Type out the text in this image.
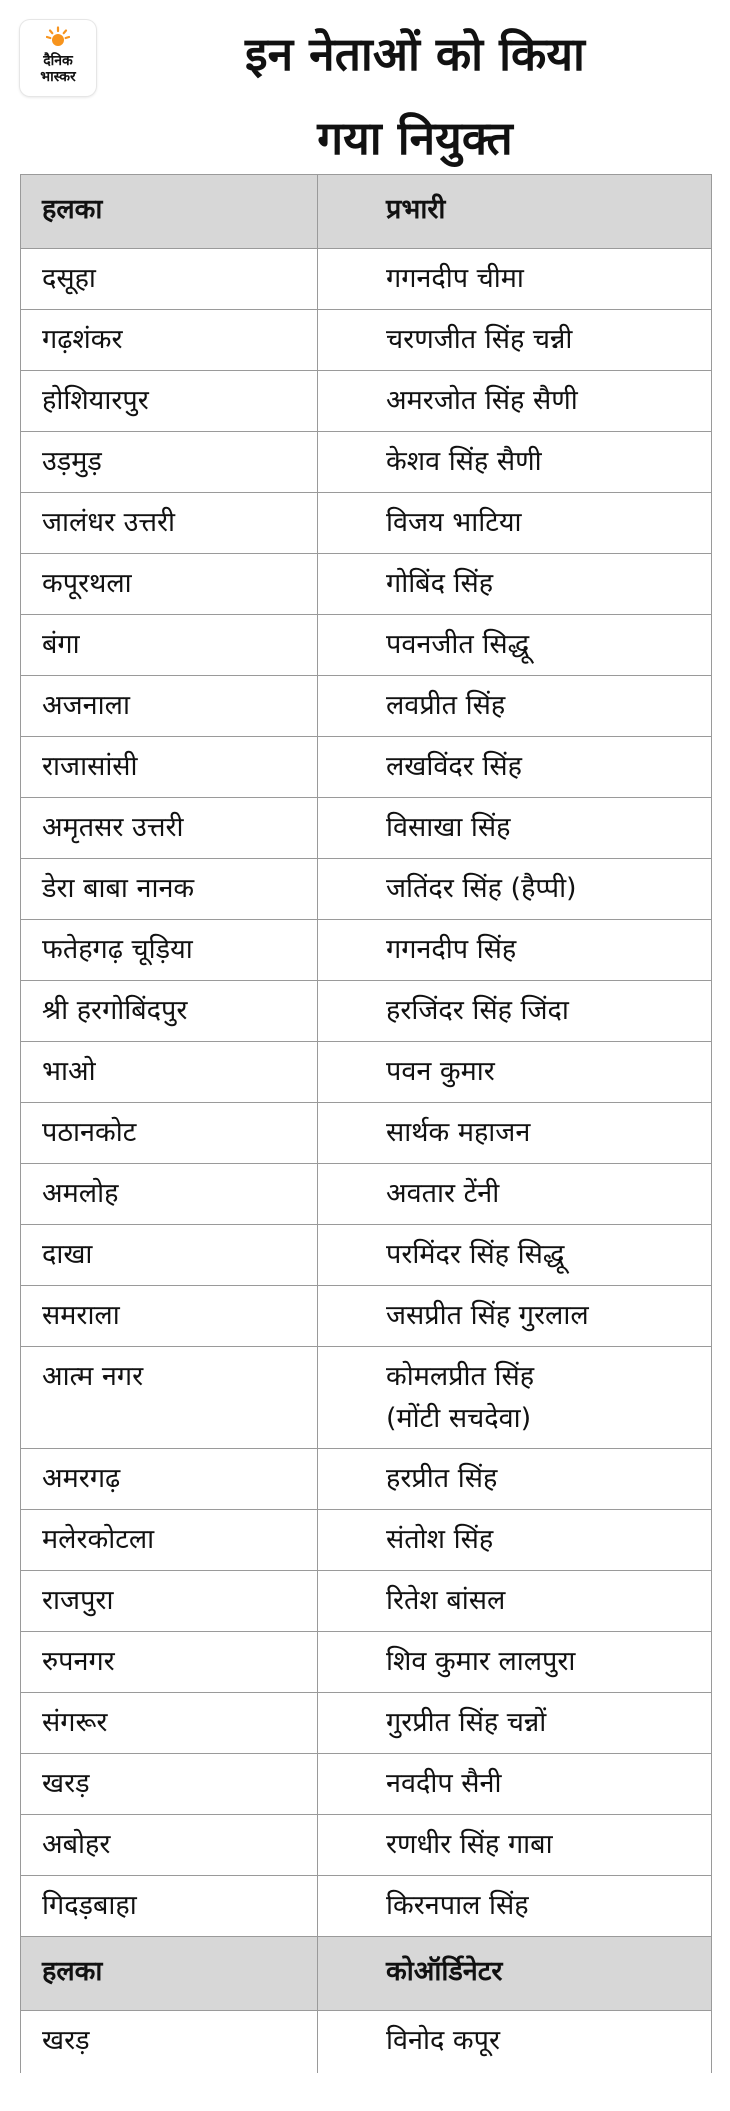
दैनिक
भास्कर	इन नेताओं को किया
गया नियुक्त
हलका	प्रभारी
दसूहा	गगनदीप चीमा
गढ़शंकर	चरणजीत सिंह चन्नी
होशियारपुर	अमरजोत सिंह सैणी
उड़मुड़	केशव सिंह सैणी
जालंधर उत्तरी	विजय भाटिया
कपूरथला	गोबिंद सिंह
बंगा	पवनजीत सिद्धू
अजनाला	लवप्रीत सिंह
राजासांसी	लखविंदर सिंह
अमृतसर उत्तरी	विसाखा सिंह
डेरा बाबा नानक	जतिंदर सिंह (हैप्पी)
फतेहगढ़ चूड़िया	गगनदीप सिंह
श्री हरगोबिंदपुर	हरजिंदर सिंह जिंदा
भाओ	पवन कुमार
पठानकोट	सार्थक महाजन
अमलोह	अवतार टेंनी
दाखा	परमिंदर सिंह सिद्धू
समराला	जसप्रीत सिंह गुरलाल
आत्म नगर	कोमलप्रीत सिंह
(मोंटी सचदेवा)
अमरगढ़	हरप्रीत सिंह
मलेरकोटला	संतोश सिंह
राजपुरा	रितेश बांसल
रुपनगर	शिव कुमार लालपुरा
संगरूर	गुरप्रीत सिंह चन्नों
खरड़	नवदीप सैनी
अबोहर	रणधीर सिंह गाबा
गिदड़बाहा	किरनपाल सिंह
हलका	कोऑर्डिनेटर
खरड़	विनोद कपूर
